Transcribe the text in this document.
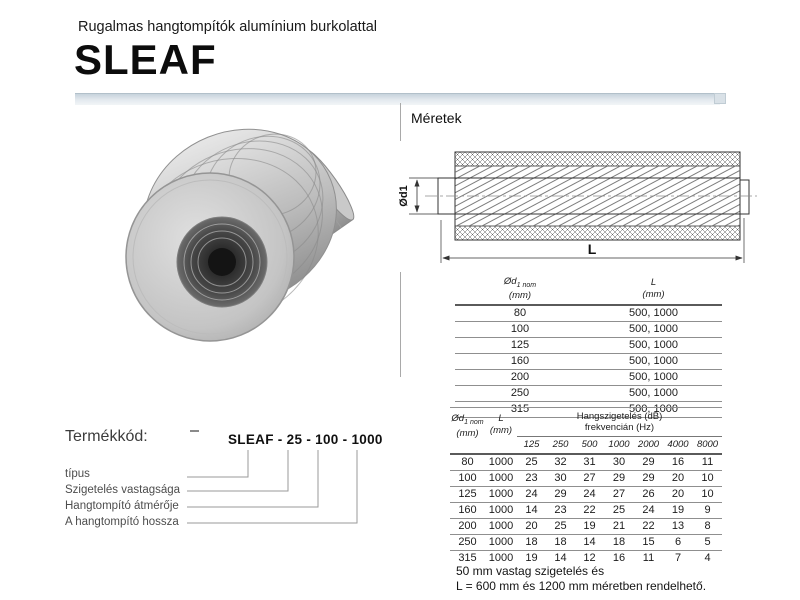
Rugalmas hangtompítók alumínium burkolattal
SLEAF
Méretek
Ød1
L
$Ød_{1 nom}$
(mm)	L
(mm)
80	500, 1000
100	500, 1000
125	500, 1000
160	500, 1000
200	500, 1000
250	500, 1000
315	500, 1000
$Ød_{1 nom}$
(mm)	L
(mm)	Hangszigetelés (dB)
frekvencián (Hz)						
		125	250	500	1000	2000	4000	8000
80	1000	25	32	31	30	29	16	11
100	1000	23	30	27	29	29	20	10
125	1000	24	29	24	27	26	20	10
160	1000	14	23	22	25	24	19	9
200	1000	20	25	19	21	22	13	8
250	1000	18	18	14	18	15	6	5
315	1000	19	14	12	16	11	7	4
Termékkód:	SLEAF - 25 - 100 - 1000
típus
Szigetelés vastagsága
Hangtompító átmérője
A hangtompító hossza
50 mm vastag szigetelés és
L = 600 mm és 1200 mm méretben rendelhető.
